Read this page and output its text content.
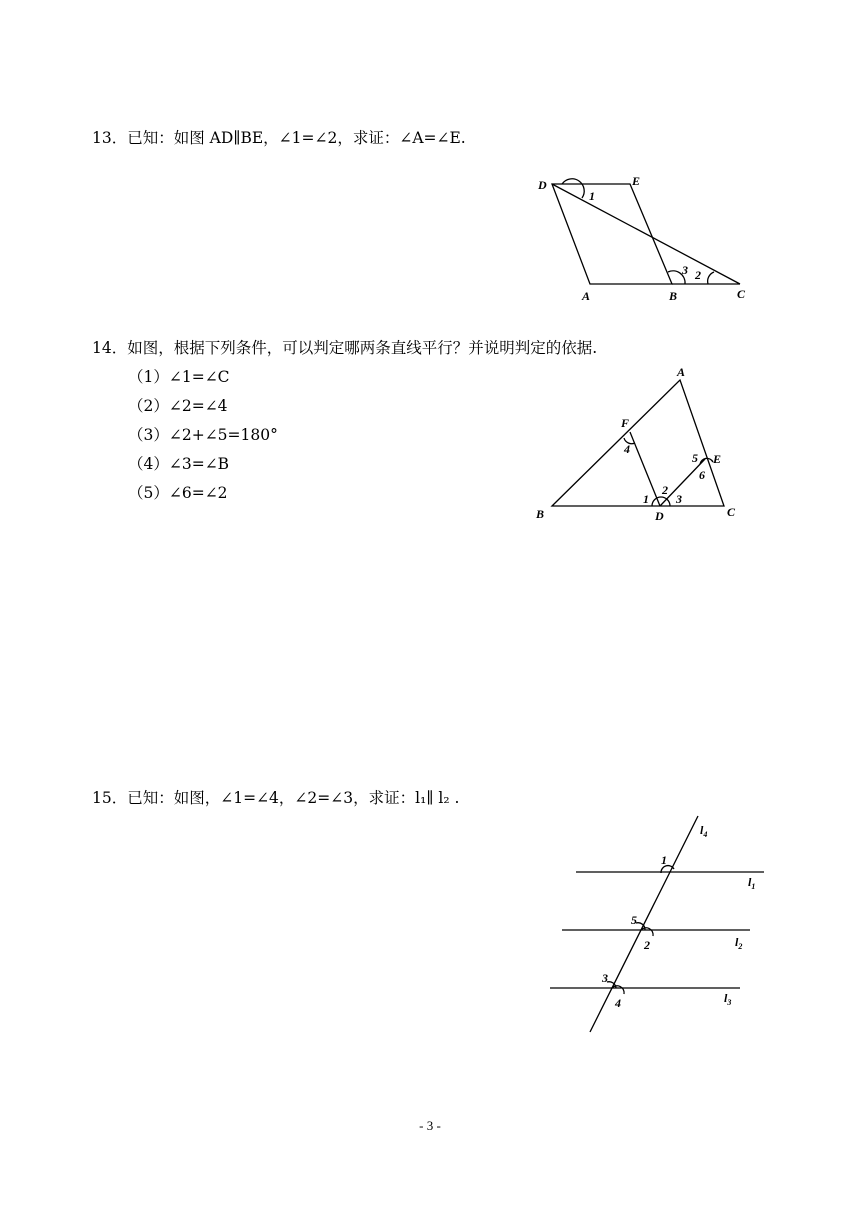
13．已知：如图 AD∥BE，∠1=∠2，求证：∠A=∠E.
D	E
A	B	C
1
2
3
14．如图，根据下列条件，可以判定哪两条直线平行？并说明判定的依据.
（1）∠1=∠C
（2）∠2=∠4
（3）∠2+∠5=180°
（4）∠3=∠B
（5）∠6=∠2
A
B	C
D
E
F
1
2
3
4
5
6
15．已知：如图，∠1=∠4，∠2=∠3，求证：l₁∥ l₂ .
1
5
2
3
4
$l_4$
$l_1$
$l_2$
$l_3$
- 3 -
